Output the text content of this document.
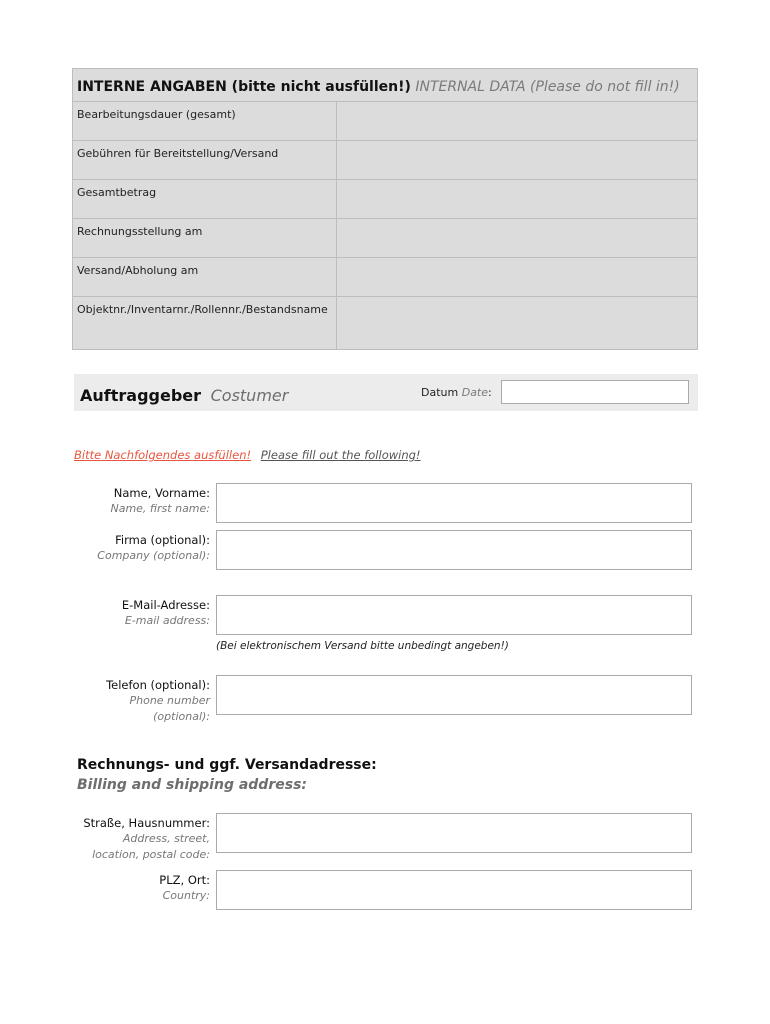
INTERNE ANGABEN (bitte nicht ausfüllen!) INTERNAL DATA (Please do not fill in!)	
Bearbeitungsdauer (gesamt)	
Gebühren für Bereitstellung/Versand	
Gesamtbetrag	
Rechnungsstellung am	
Versand/Abholung am	
Objektnr./Inventarnr./Rollennr./Bestandsname	
Auftraggeber Costumer	Datum Date:
Bitte Nachfolgendes ausfüllen! Please fill out the following!
Name, Vorname:
Name, first name:
Firma (optional):
Company (optional):
E-Mail-Adresse:
E-mail address:
(Bei elektronischem Versand bitte unbedingt angeben!)
Telefon (optional):
Phone number
(optional):
Rechnungs- und ggf. Versandadresse:
Billing and shipping address:
Straße, Hausnummer:
Address, street,
location, postal code:
PLZ, Ort:
Country:
